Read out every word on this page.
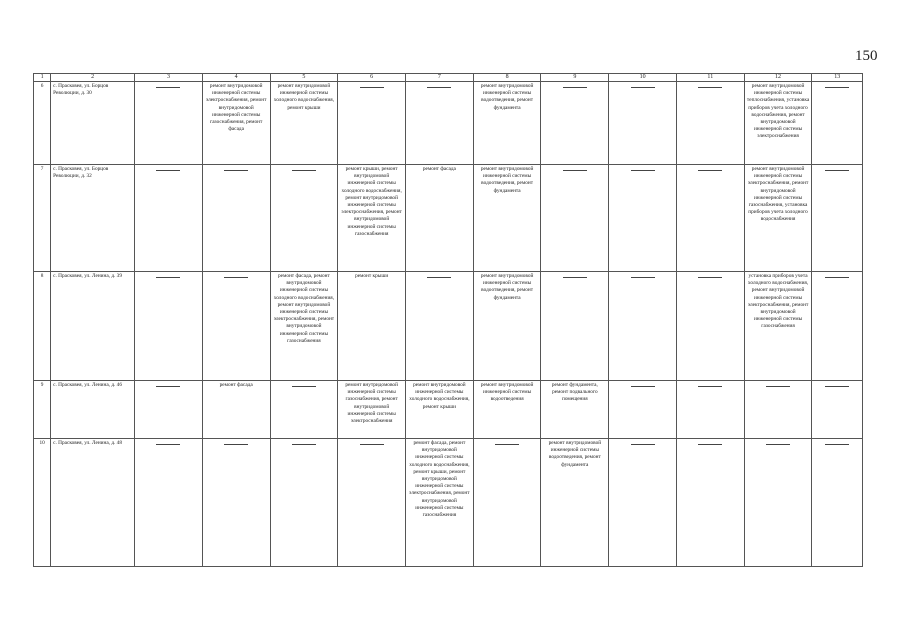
150
1	2	3	4	5	6	7	8	9	10	11	12	13
6	с. Прасковея, ул. Борцов Революции, д. 30		ремонт внутридомовой инженерной системы электроснабжения, ремонт внутридомовой инженерной системы газоснабжения, ремонт фасада	ремонт внутридомовой инженерной системы холодного водоснабжения, ремонт крыши			ремонт внутридомовой инженерной системы водоотведения, ремонт фундамента				ремонт внутридомовой инженерной системы теплоснабжения, установка приборов учета холодного водоснабжения, ремонт внутридомовой инженерной системы электроснабжения	

7	с. Прасковея, ул. Борцов Революции, д. 32				ремонт крыши, ремонт внутридомовой инженерной системы холодного водоснабжения, ремонт внутридомовой инженерной системы электроснабжения, ремонт внутридомовой инженерной системы газоснабжения	ремонт фасада	ремонт внутридомовой инженерной системы водоотведения, ремонт фундамента				ремонт внутридомовой инженерной системы электроснабжения, ремонт внутридомовой инженерной системы газоснабжения, установка приборов учета холодного водоснабжения	

8	с. Прасковея, ул. Ленина, д. 39			ремонт фасада, ремонт внутридомовой инженерной системы холодного водоснабжения, ремонт внутридомовой инженерной системы электроснабжения, ремонт внутридомовой инженерной системы газоснабжения	ремонт крыши		ремонт внутридомовой инженерной системы водоотведения, ремонт фундамента				установка приборов учета холодного водоснабжения, ремонт внутридомовой инженерной системы электроснабжения, ремонт внутридомовой инженерной системы газоснабжения	

9	с. Прасковея, ул. Ленина, д. 46		ремонт фасада		ремонт внутридомовой инженерной системы газоснабжения, ремонт внутридомовой инженерной системы электроснабжения	ремонт внутридомовой инженерной системы холодного водоснабжения, ремонт крыши	ремонт внутридомовой инженерной системы водоотведения	ремонт фундамента, ремонт подвального помещения	

10	с. Прасковея, ул. Ленина, д. 48					ремонт фасада, ремонт внутридомовой инженерной системы холодного водоснабжения, ремонт крыши, ремонт внутридомовой инженерной системы электроснабжения, ремонт внутридомовой инженерной системы газоснабжения		ремонт внутридомовой инженерной системы водоотведения, ремонт фундамента	
